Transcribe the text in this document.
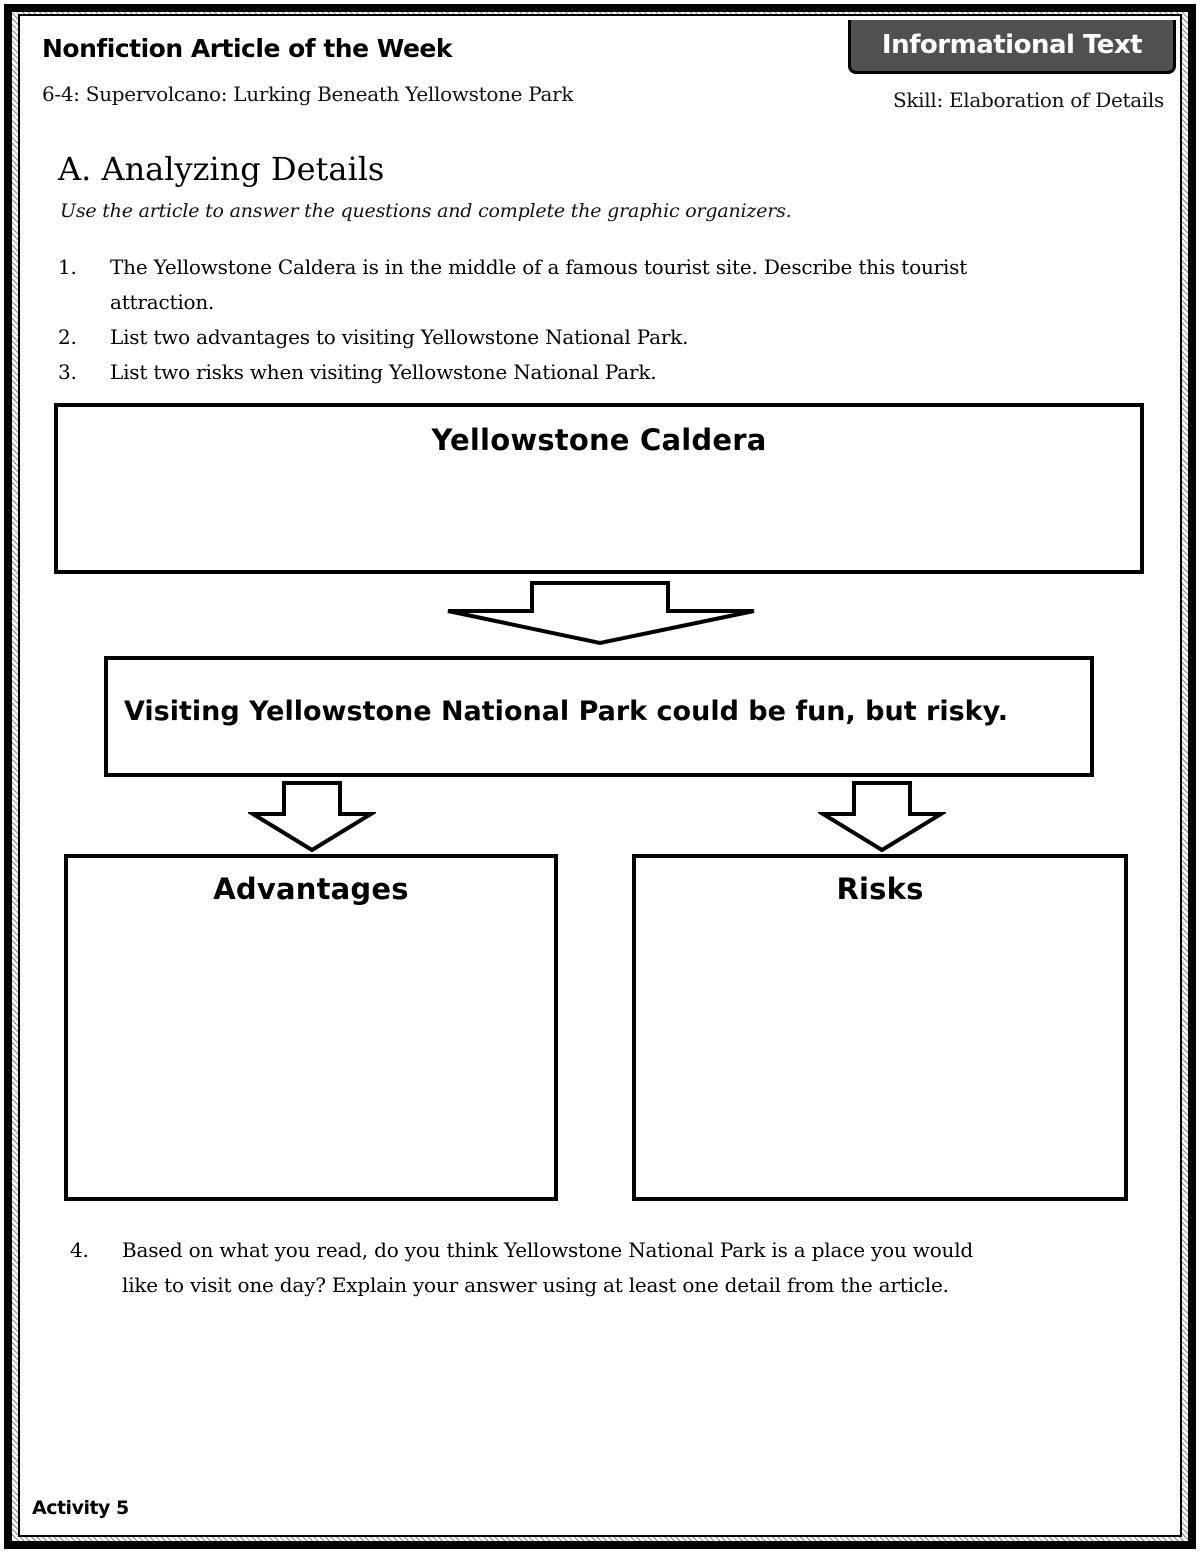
Nonfiction Article of the Week
6-4: Supervolcano: Lurking Beneath Yellowstone Park
Informational Text
Skill: Elaboration of Details
A. Analyzing Details
Use the article to answer the questions and complete the graphic organizers.
1. The Yellowstone Caldera is in the middle of a famous tourist site. Describe this tourist
attraction.
2. List two advantages to visiting Yellowstone National Park.
3. List two risks when visiting Yellowstone National Park.
Yellowstone Caldera
Visiting Yellowstone National Park could be fun, but risky.
Advantages	Risks
4. Based on what you read, do you think Yellowstone National Park is a place you would
like to visit one day? Explain your answer using at least one detail from the article.
Activity 5
